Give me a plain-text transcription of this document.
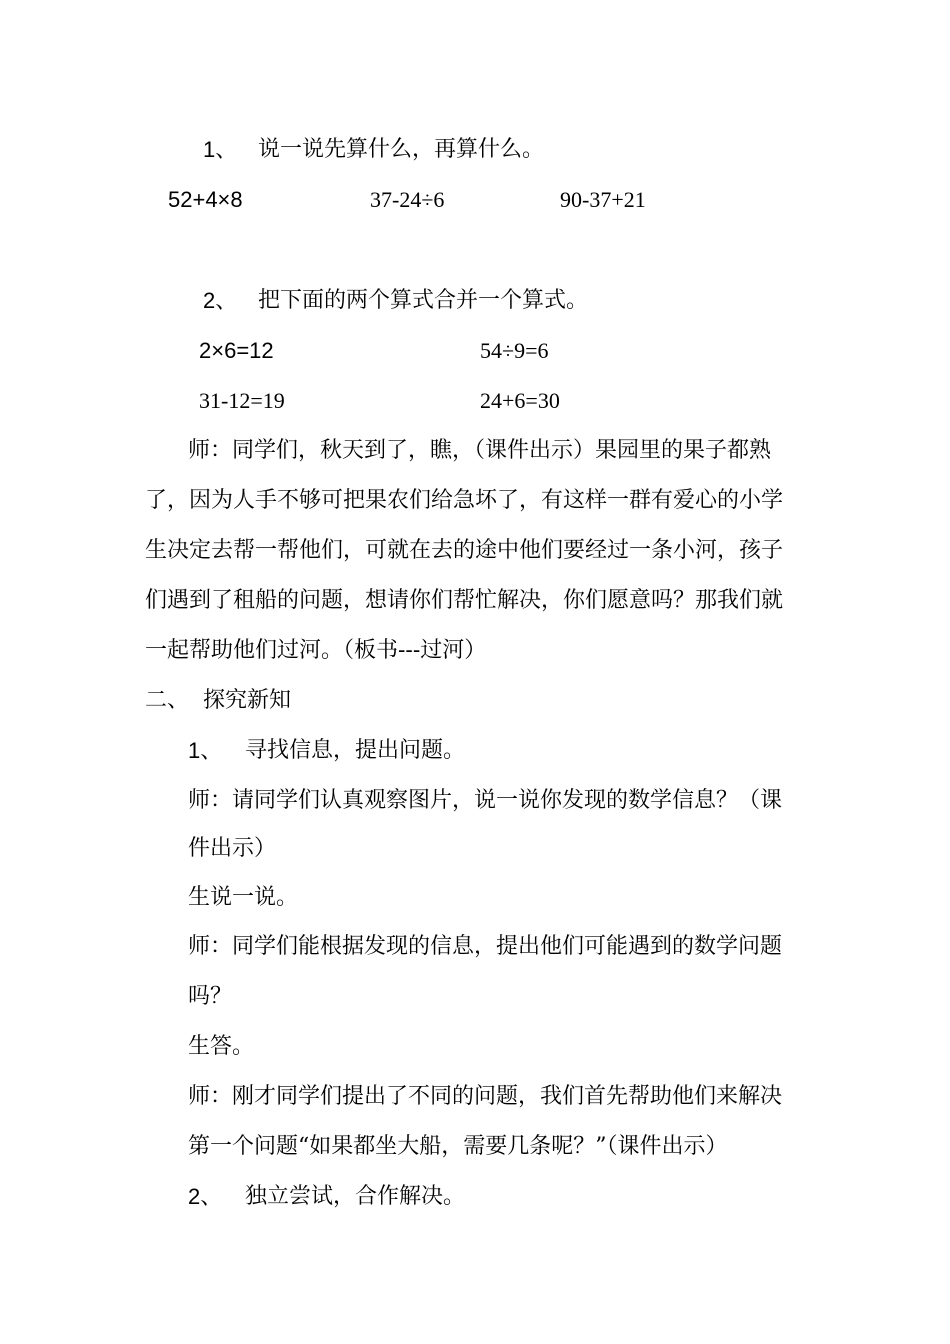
1、 说一说先算什么，再算什么。
52+4×8	37-24÷6	90-37+21
2、 把下面的两个算式合并一个算式。
2×6=12	54÷9=6
31-12=19	24+6=30
师：同学们，秋天到了，瞧，（课件出示）果园里的果子都熟
了，因为人手不够可把果农们给急坏了，有这样一群有爱心的小学
生决定去帮一帮他们，可就在去的途中他们要经过一条小河，孩子
们遇到了租船的问题，想请你们帮忙解决，你们愿意吗？那我们就
一起帮助他们过河。（板书---过河）
二、 探究新知
1、 寻找信息，提出问题。
师：请同学们认真观察图片，说一说你发现的数学信息？（课
件出示）
生说一说。
师：同学们能根据发现的信息，提出他们可能遇到的数学问题
吗？
生答。
师：刚才同学们提出了不同的问题，我们首先帮助他们来解决
第一个问题“如果都坐大船，需要几条呢？”（课件出示）
2、 独立尝试，合作解决。
